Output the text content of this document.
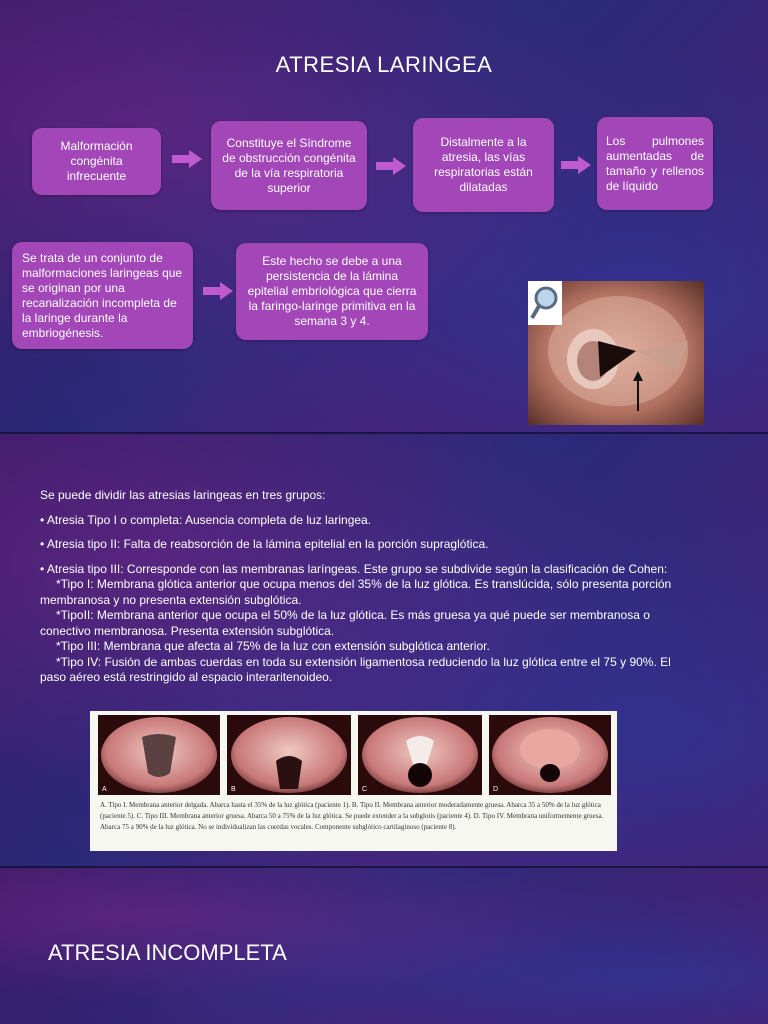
ATRESIA LARINGEA
Malformación congénita infrecuente
Constituye el Síndrome de obstrucción congénita de la vía respiratoria superior
Distalmente a la atresia, las vías respiratorias están dilatadas
Los pulmones aumentadas de tamaño y rellenos de líquido
Se trata de un conjunto de malformaciones laringeas que se originan por una recanalización incompleta de la laringe durante la embriogénesis.
Este hecho se debe a una persistencia de la lámina epitelial embriológica que cierra la faringo-laringe primitiva en la semana 3 y 4.

Se puede dividir las atresias laringeas en tres grupos:

• Atresia Tipo I o completa: Ausencia completa de luz laringea.

• Atresia tipo II: Falta de reabsorción de la lámina epitelial en la porción supraglótica.

• Atresia tipo III: Corresponde con las membranas laríngeas. Este grupo se subdivide según la clasificación de Cohen:

*Tipo I: Membrana glótica anterior que ocupa menos del 35% de la luz glótica. Es translúcida, sólo presenta porción membranosa y no presenta extensión subglótica.

*TipoII: Membrana anterior que ocupa el 50% de la luz glótica. Es más gruesa ya qué puede ser membranosa o conectivo membranosa. Presenta extensión subglótica.

*Tipo III: Membrana que afecta al 75% de la luz con extensión subglótica anterior.

*Tipo IV: Fusión de ambas cuerdas en toda su extensión ligamentosa reduciendo la luz glótica entre el 75 y 90%. El paso aéreo está restringido al espacio interaritenoideo.

A	B	C	D
A. Tipo I. Membrana anterior delgada. Abarca hasta el 35% de la luz glótica (paciente 1). B. Tipo II. Membrana anterior moderadamente gruesa. Abarca 35 a 50% de la luz glótica (paciente 5). C. Tipo III. Membrana anterior gruesa. Abarca 50 a 75% de la luz glótica. Se puede extender a la subglotis (paciente 4). D. Tipo IV. Membrana uniformemente gruesa. Abarca 75 a 90% de la luz glótica. No se individualizan las cuerdas vocales. Componente subglótico cartilaginoso (paciente 8).
ATRESIA INCOMPLETA
